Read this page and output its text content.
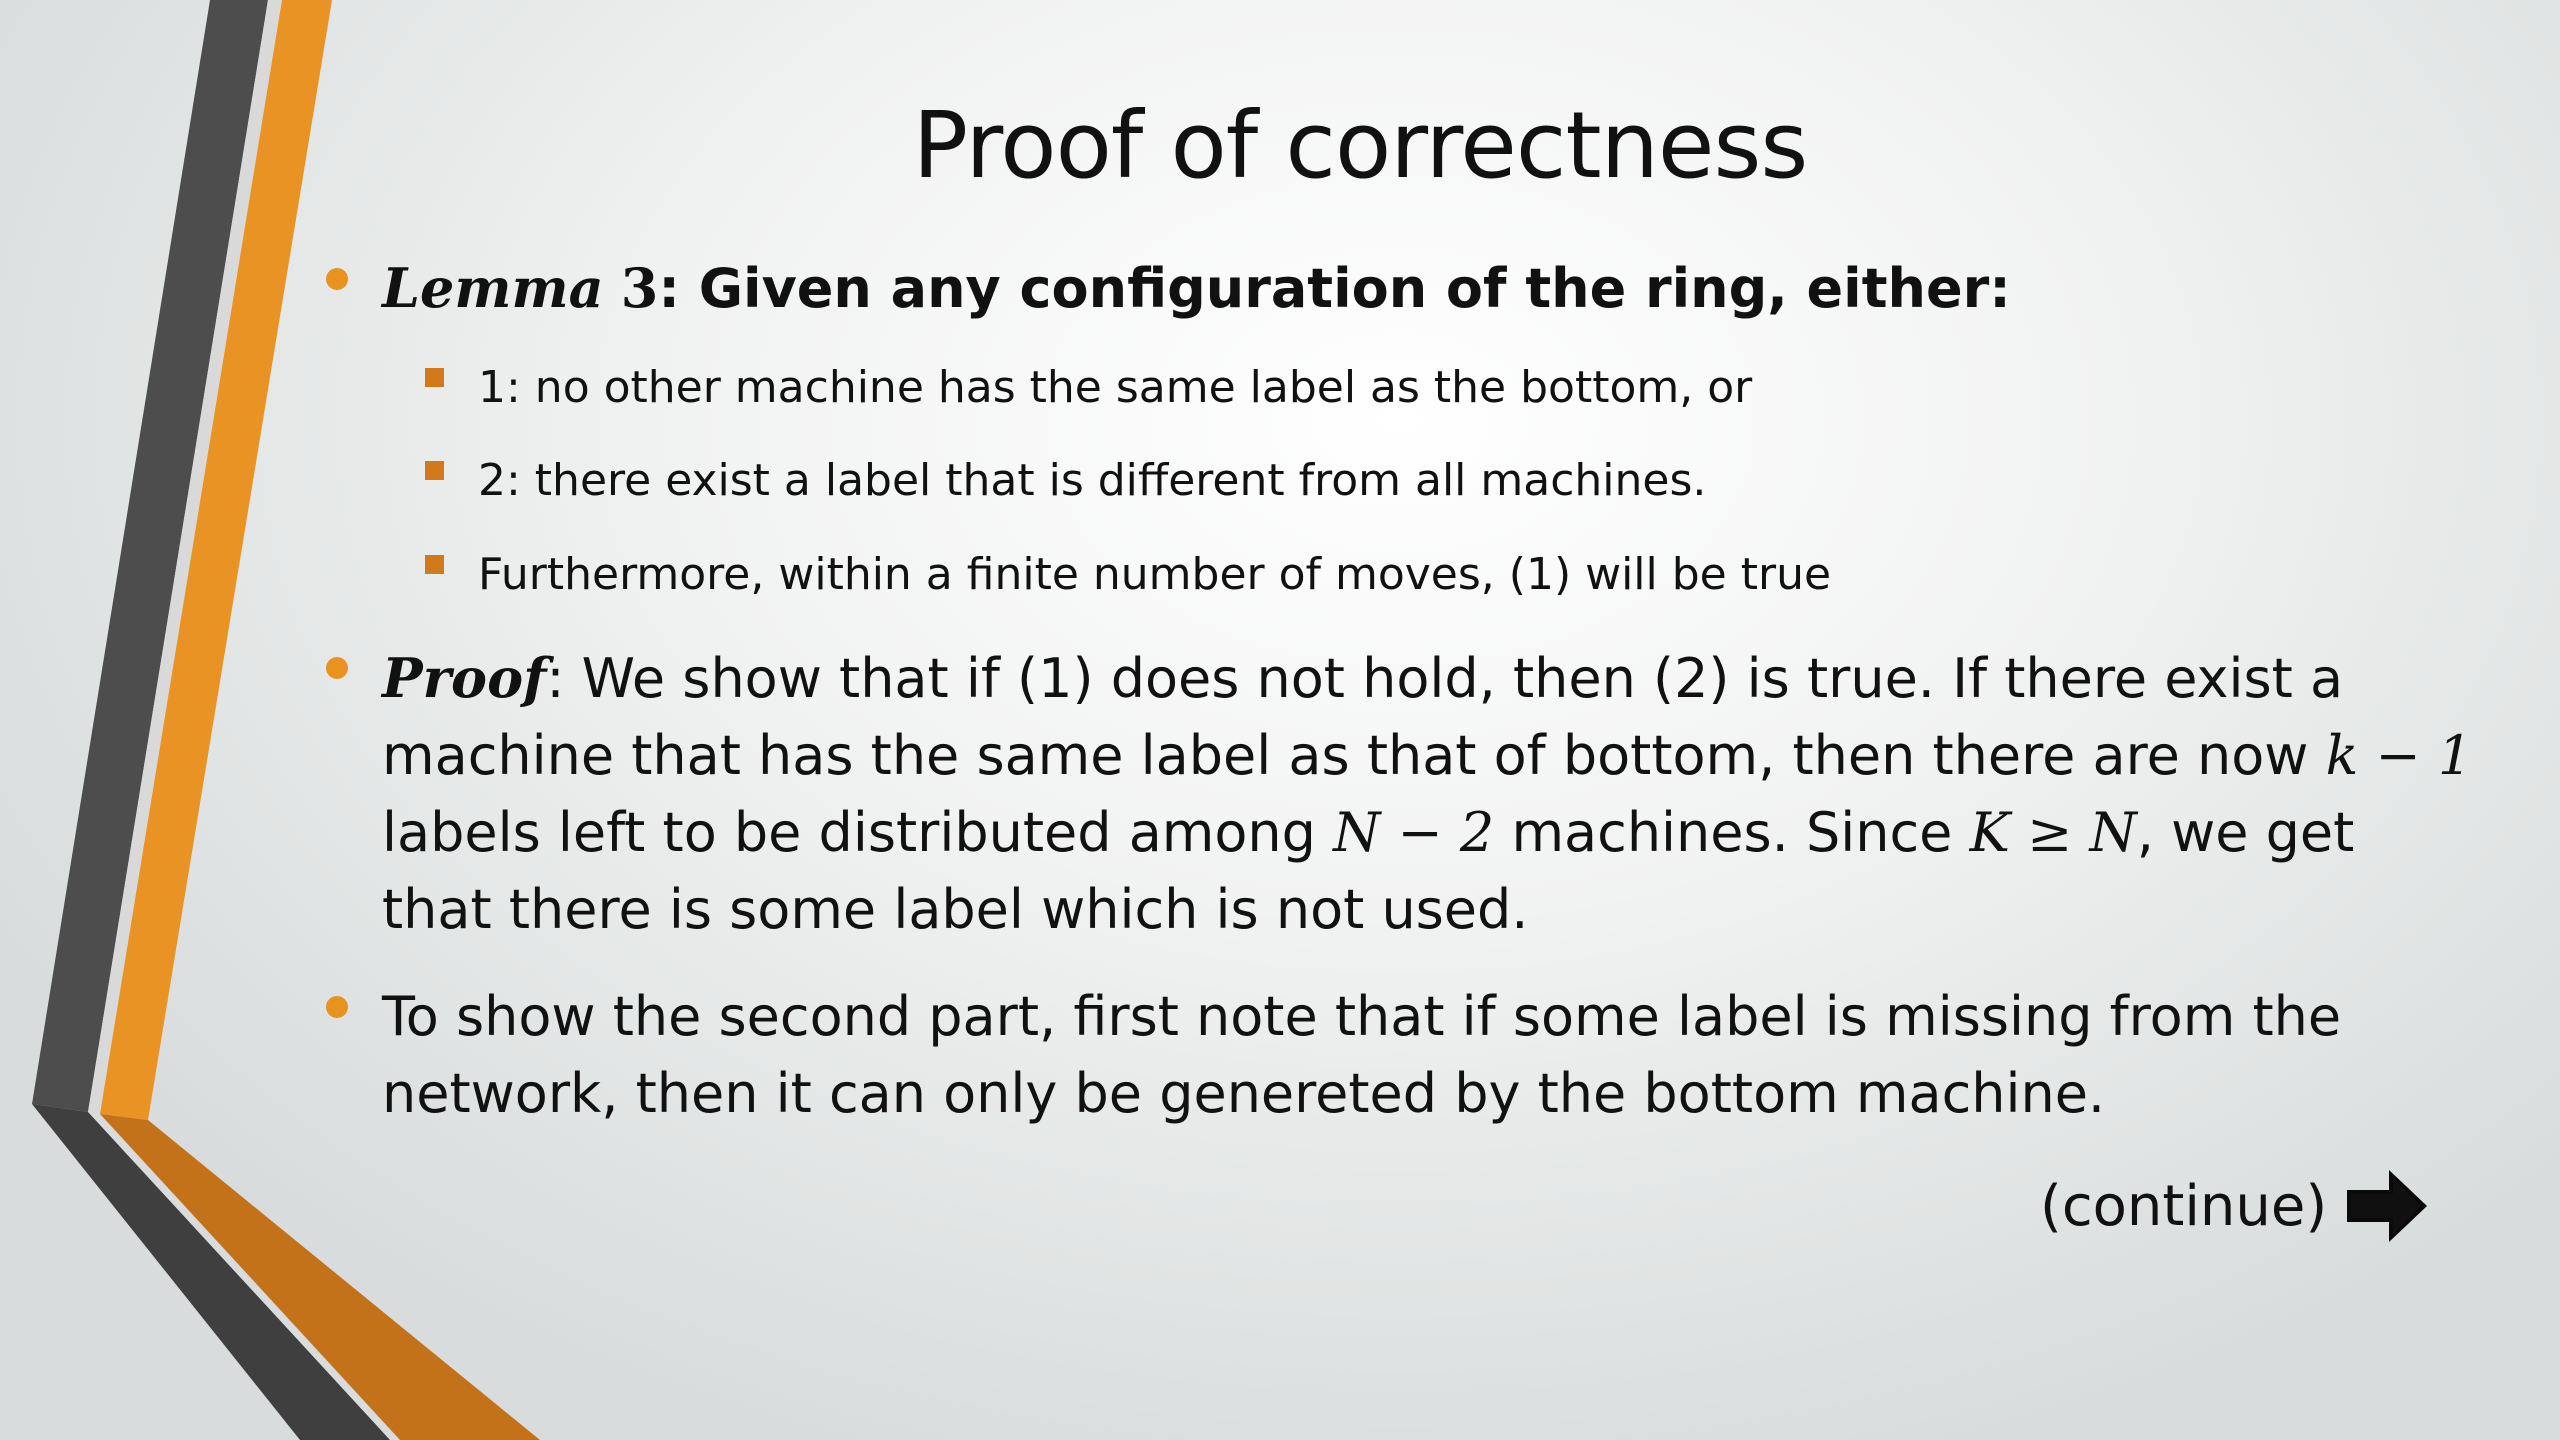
Proof of correctness
Lemma 3: Given any configuration of the ring, either:
1: no other machine has the same label as the bottom, or
2: there exist a label that is different from all machines.
Furthermore, within a finite number of moves, (1) will be true
Proof: We show that if (1) does not hold, then (2) is true. If there exist a
machine that has the same label as that of bottom, then there are now k − 1
labels left to be distributed among N − 2 machines. Since K ≥ N, we get
that there is some label which is not used.
To show the second part, first note that if some label is missing from the
network, then it can only be genereted by the bottom machine.
(continue)
